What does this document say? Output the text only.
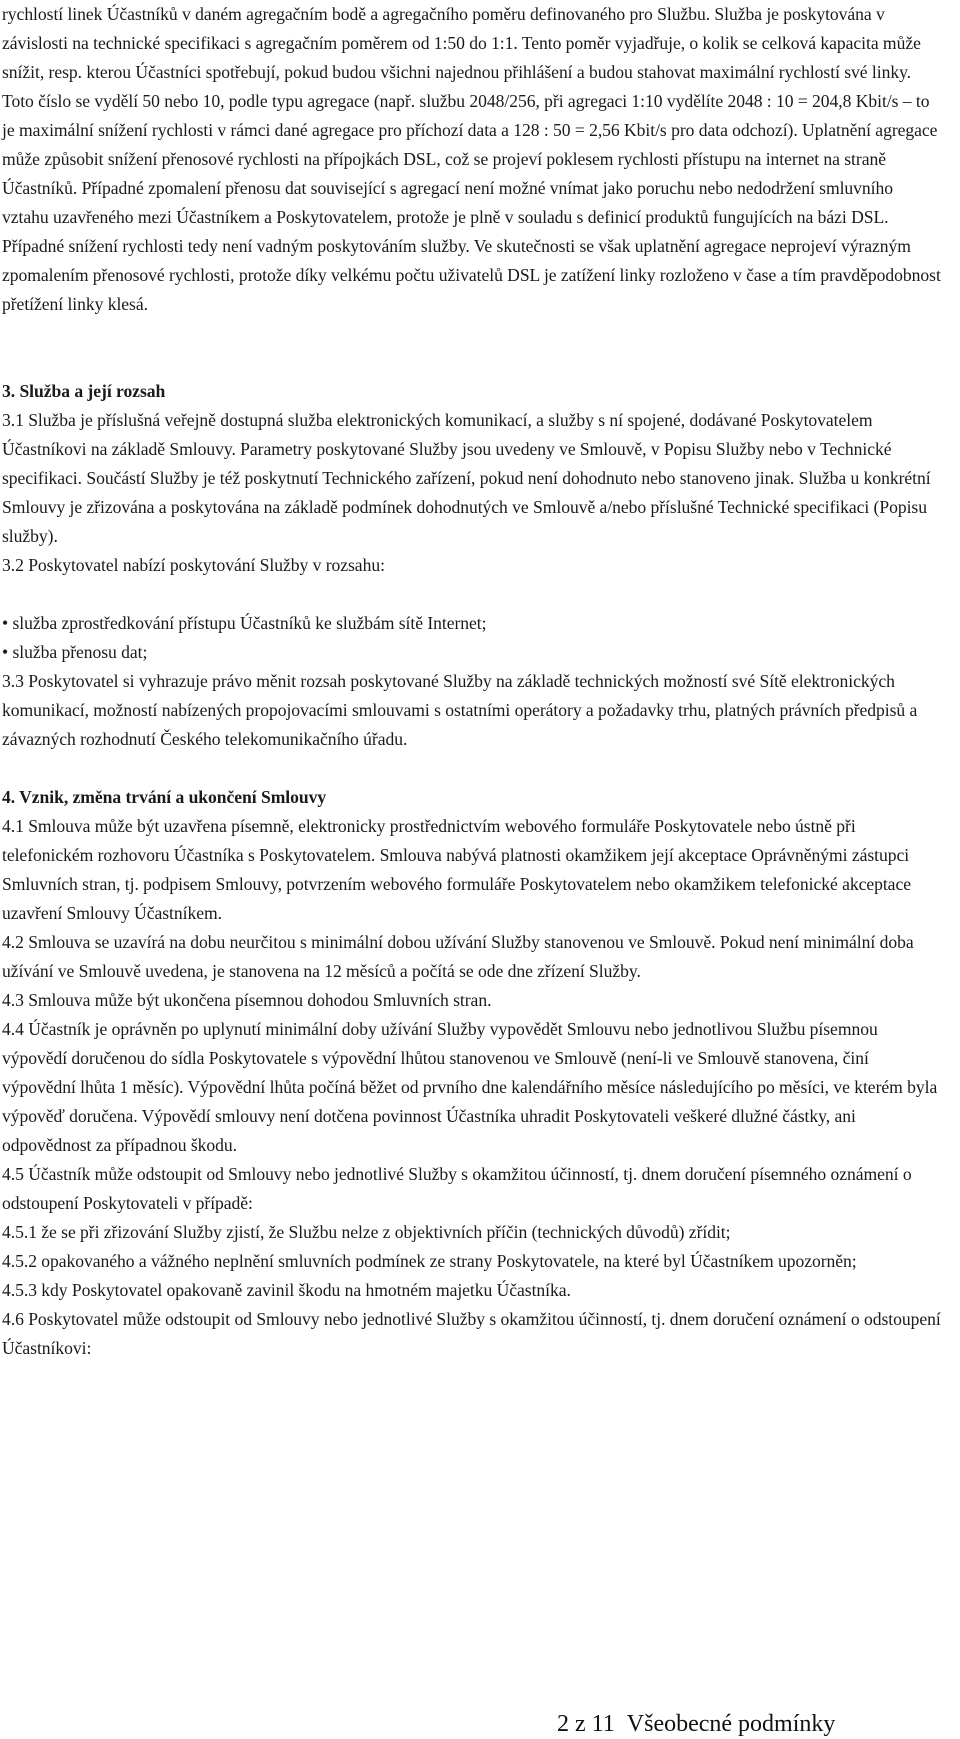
rychlostí linek Účastníků v daném agregačním bodě a agregačního poměru definovaného pro Službu. Služba je poskytována v závislosti na technické specifikaci s agregačním poměrem od 1:50 do 1:1. Tento poměr vyjadřuje, o kolik se celková kapacita může snížit, resp. kterou Účastníci spotřebují, pokud budou všichni najednou přihlášení a budou stahovat maximální rychlostí své linky. Toto číslo se vydělí 50 nebo 10, podle typu agregace (např. službu 2048/256, při agregaci 1:10 vydělíte 2048 : 10 = 204,8 Kbit/s – to je maximální snížení rychlosti v rámci dané agregace pro příchozí data a 128 : 50 = 2,56 Kbit/s pro data odchozí). Uplatnění agregace může způsobit snížení přenosové rychlosti na přípojkách DSL, což se projeví poklesem rychlosti přístupu na internet na straně Účastníků. Případné zpomalení přenosu dat související s agregací není možné vnímat jako poruchu nebo nedodržení smluvního vztahu uzavřeného mezi Účastníkem a Poskytovatelem, protože je plně v souladu s definicí produktů fungujících na bázi DSL. Případné snížení rychlosti tedy není vadným poskytováním služby. Ve skutečnosti se však uplatnění agregace neprojeví výrazným zpomalením přenosové rychlosti, protože díky velkému počtu uživatelů DSL je zatížení linky rozloženo v čase a tím pravděpodobnost přetížení linky klesá.

3. Služba a její rozsah

3.1 Služba je příslušná veřejně dostupná služba elektronických komunikací, a služby s ní spojené, dodávané Poskytovatelem Účastníkovi na základě Smlouvy. Parametry poskytované Služby jsou uvedeny ve Smlouvě, v Popisu Služby nebo v Technické specifikaci. Součástí Služby je též poskytnutí Technického zařízení, pokud není dohodnuto nebo stanoveno jinak. Služba u konkrétní Smlouvy je zřizována a poskytována na základě podmínek dohodnutých ve Smlouvě a/nebo příslušné Technické specifikaci (Popisu služby).

3.2 Poskytovatel nabízí poskytování Služby v rozsahu:

• služba zprostředkování přístupu Účastníků ke službám sítě Internet;

• služba přenosu dat;

3.3 Poskytovatel si vyhrazuje právo měnit rozsah poskytované Služby na základě technických možností své Sítě elektronických komunikací, možností nabízených propojovacími smlouvami s ostatními operátory a požadavky trhu, platných právních předpisů a závazných rozhodnutí Českého telekomunikačního úřadu.

4. Vznik, změna trvání a ukončení Smlouvy

4.1 Smlouva může být uzavřena písemně, elektronicky prostřednictvím webového formuláře Poskytovatele nebo ústně při telefonickém rozhovoru Účastníka s Poskytovatelem. Smlouva nabývá platnosti okamžikem její akceptace Oprávněnými zástupci Smluvních stran, tj. podpisem Smlouvy, potvrzením webového formuláře Poskytovatelem nebo okamžikem telefonické akceptace uzavření Smlouvy Účastníkem.

4.2 Smlouva se uzavírá na dobu neurčitou s minimální dobou užívání Služby stanovenou ve Smlouvě. Pokud není minimální doba užívání ve Smlouvě uvedena, je stanovena na 12 měsíců a počítá se ode dne zřízení Služby.

4.3 Smlouva může být ukončena písemnou dohodou Smluvních stran.

4.4 Účastník je oprávněn po uplynutí minimální doby užívání Služby vypovědět Smlouvu nebo jednotlivou Službu písemnou výpovědí doručenou do sídla Poskytovatele s výpovědní lhůtou stanovenou ve Smlouvě (není-li ve Smlouvě stanovena, činí výpovědní lhůta 1 měsíc). Výpovědní lhůta počíná běžet od prvního dne kalendářního měsíce následujícího po měsíci, ve kterém byla výpověď doručena. Výpovědí smlouvy není dotčena povinnost Účastníka uhradit Poskytovateli veškeré dlužné částky, ani odpovědnost za případnou škodu.

4.5 Účastník může odstoupit od Smlouvy nebo jednotlivé Služby s okamžitou účinností, tj. dnem doručení písemného oznámení o odstoupení Poskytovateli v případě:

4.5.1 že se při zřizování Služby zjistí, že Službu nelze z objektivních příčin (technických důvodů) zřídit;

4.5.2 opakovaného a vážného neplnění smluvních podmínek ze strany Poskytovatele, na které byl Účastníkem upozorněn;

4.5.3 kdy Poskytovatel opakovaně zavinil škodu na hmotném majetku Účastníka.

4.6 Poskytovatel může odstoupit od Smlouvy nebo jednotlivé Služby s okamžitou účinností, tj. dnem doručení oznámení o odstoupení Účastníkovi:

2 z 11 Všeobecné podmínky
